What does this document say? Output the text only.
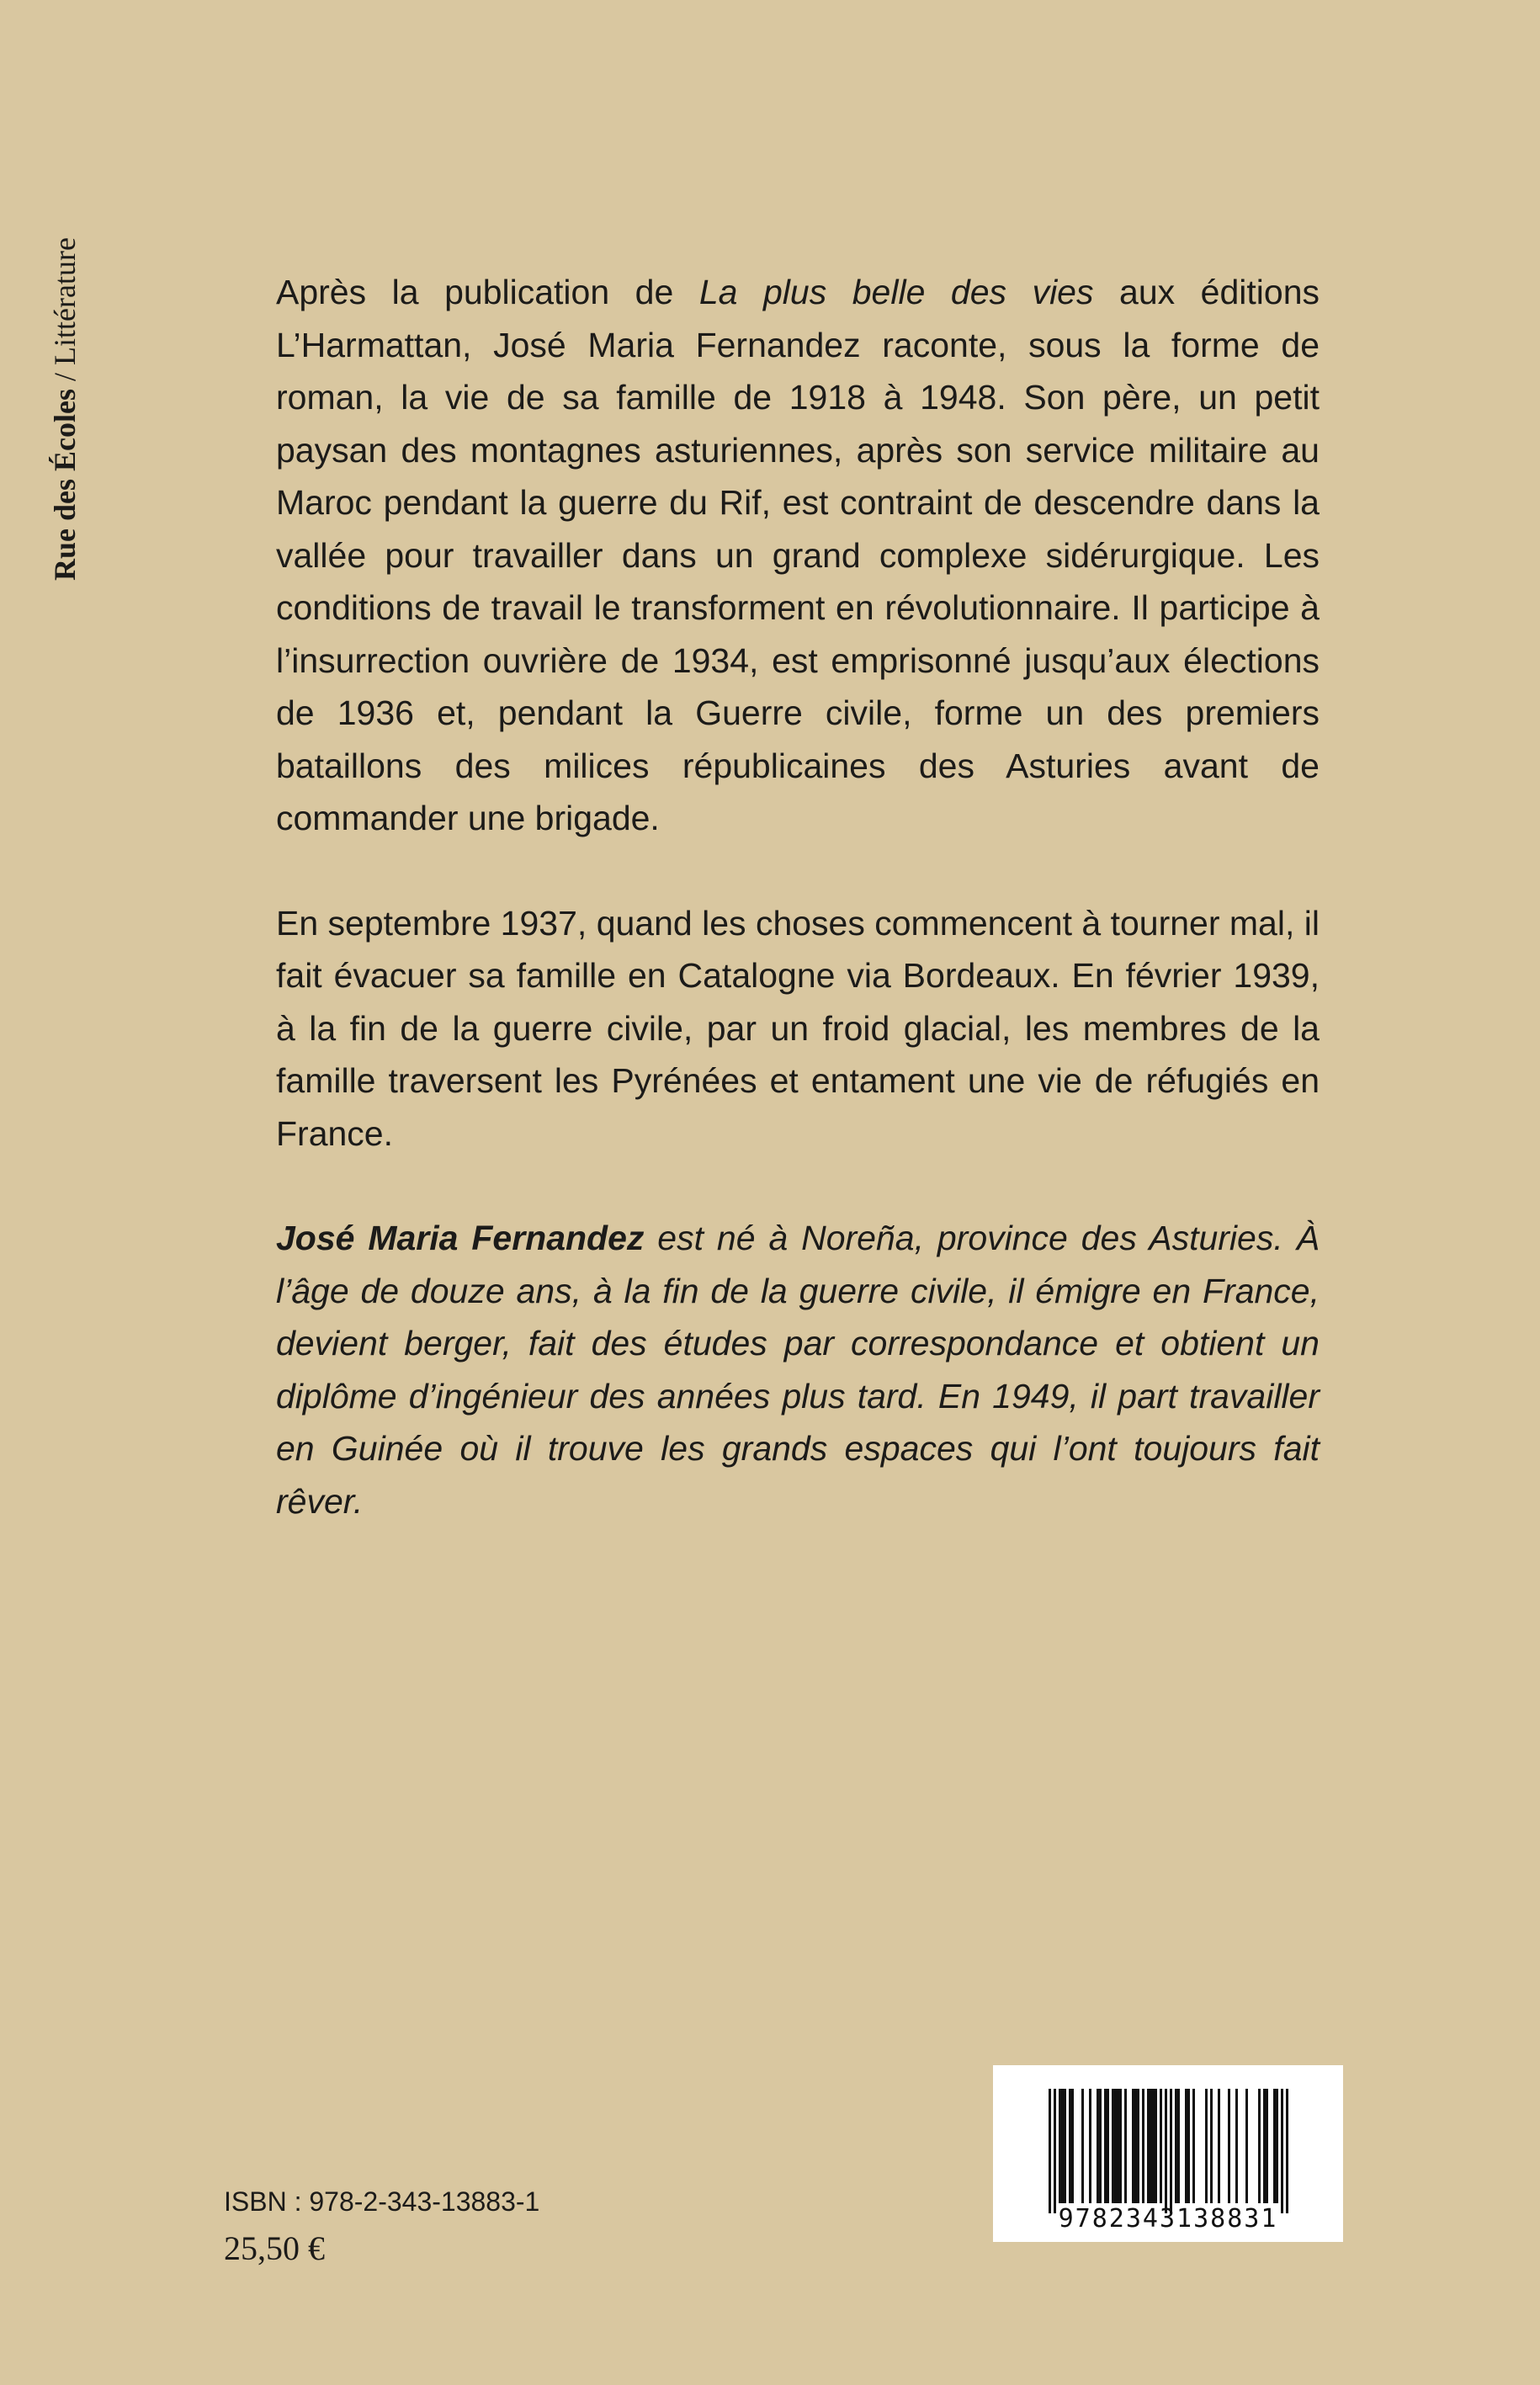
Rue des Écoles / Littérature	Après la publication de La plus belle des vies aux éditions L’Harmattan, José Maria Fernandez raconte, sous la forme de roman, la vie de sa famille de 1918 à 1948. Son père, un petit paysan des montagnes asturiennes, après son service militaire au Maroc pendant la guerre du Rif, est contraint de descendre dans la vallée pour travailler dans un grand complexe sidérurgique. Les conditions de travail le transforment en révolutionnaire. Il participe à l’insurrection ouvrière de 1934, est emprisonné jusqu’aux élections de 1936 et, pendant la Guerre civile, forme un des premiers bataillons des milices républicaines des Asturies avant de commander une brigade.

En septembre 1937, quand les choses commencent à tourner mal, il fait évacuer sa famille en Catalogne via Bordeaux. En février 1939, à la fin de la guerre civile, par un froid glacial, les membres de la famille traversent les Pyrénées et entament une vie de réfugiés en France.

José Maria Fernandez est né à Noreña, province des Asturies. À l’âge de douze ans, à la fin de la guerre civile, il émigre en France, devient berger, fait des études par correspondance et obtient un diplôme d’ingénieur des années plus tard. En 1949, il part travailler en Guinée où il trouve les grands espaces qui l’ont toujours fait rêver.

9782343138831
ISBN : 978-2-343-13883-1
25,50 €
